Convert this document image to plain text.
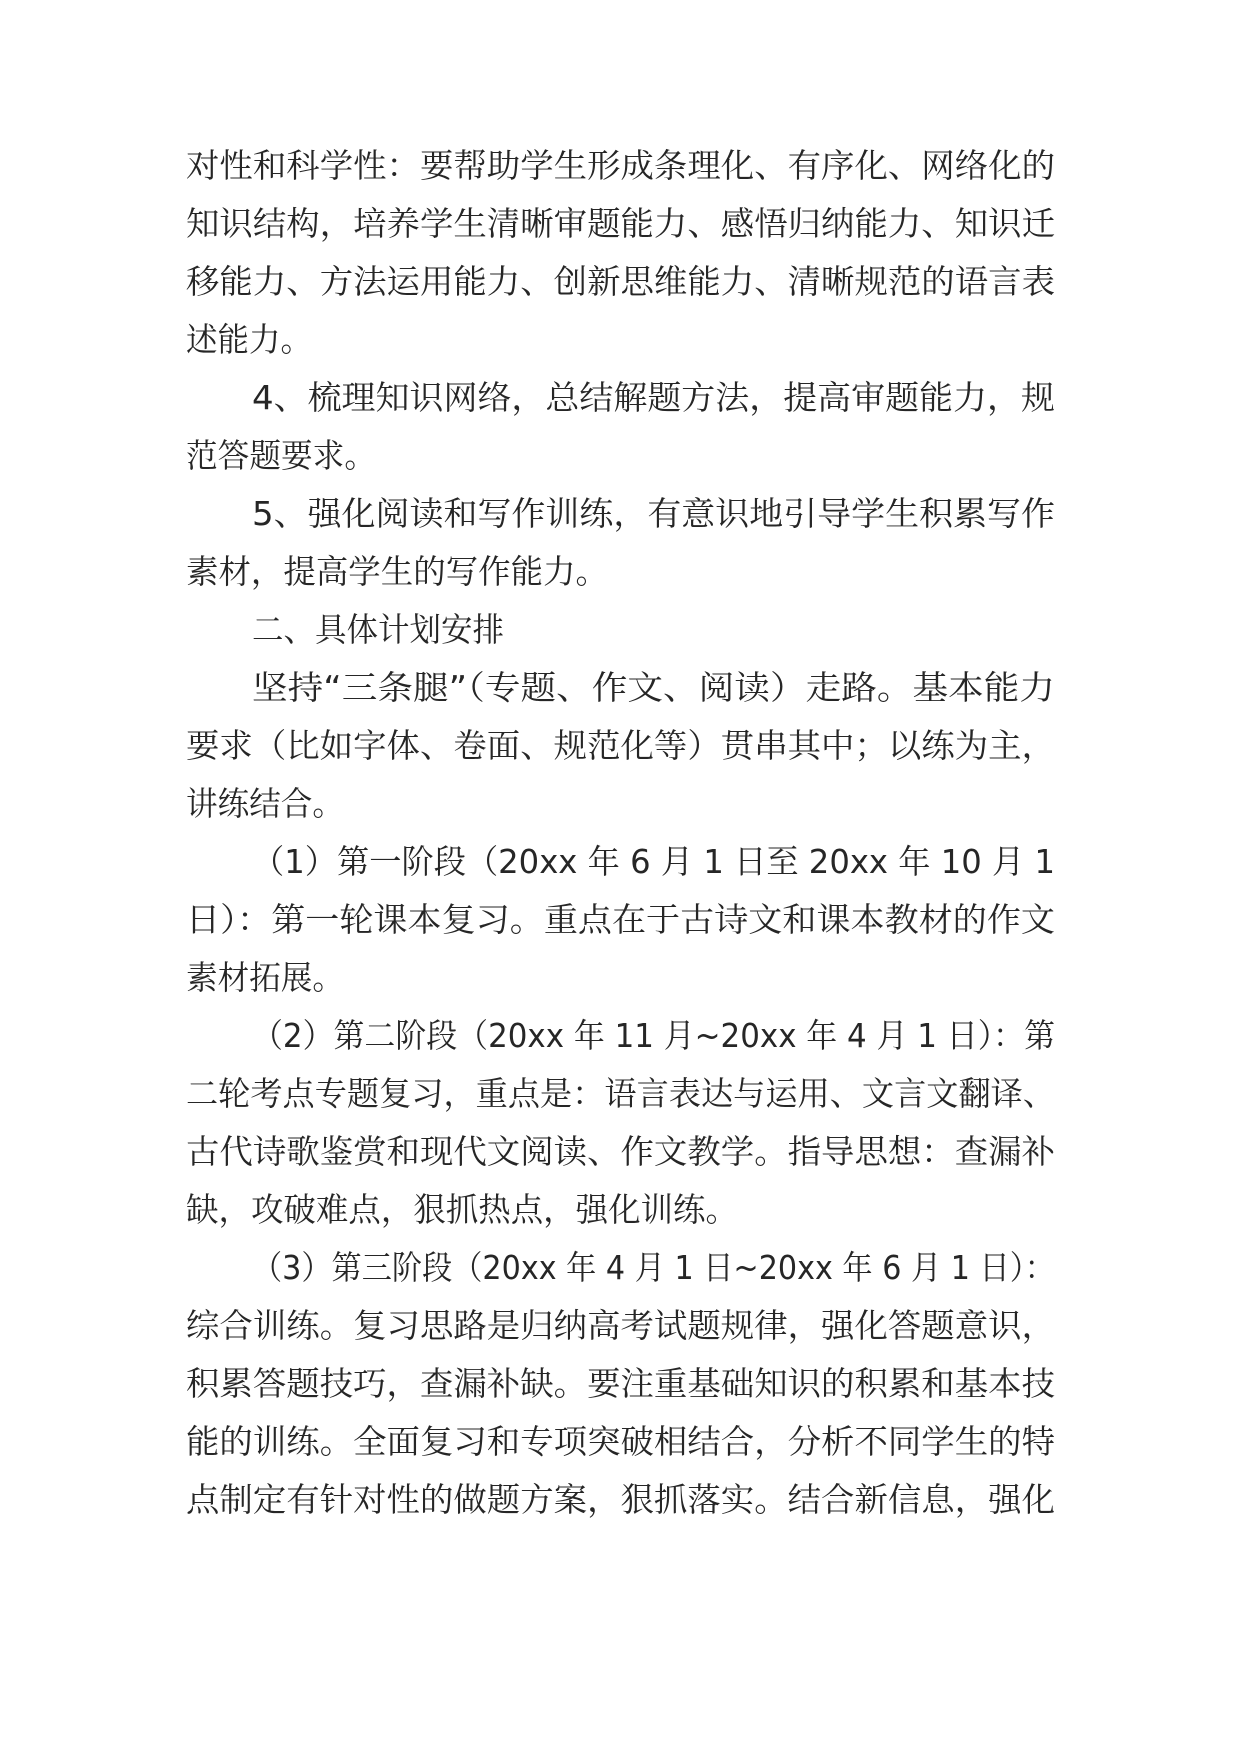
对性和科学性：要帮助学生形成条理化、有序化、网络化的
知识结构，培养学生清晰审题能力、感悟归纳能力、知识迁
移能力、方法运用能力、创新思维能力、清晰规范的语言表
述能力。
4、梳理知识网络，总结解题方法，提高审题能力，规
范答题要求。
5、强化阅读和写作训练，有意识地引导学生积累写作
素材，提高学生的写作能力。
二、具体计划安排
坚持“三条腿”（专题、作文、阅读）走路。基本能力
要求（比如字体、卷面、规范化等）贯串其中；以练为主，
讲练结合。
（1）第一阶段（20xx 年 6 月 1 日至 20xx 年 10 月 1
日）：第一轮课本复习。重点在于古诗文和课本教材的作文
素材拓展。
（2）第二阶段（20xx 年 11 月~20xx 年 4 月 1 日）：第
二轮考点专题复习，重点是：语言表达与运用、文言文翻译、
古代诗歌鉴赏和现代文阅读、作文教学。指导思想：查漏补
缺，攻破难点，狠抓热点，强化训练。
（3）第三阶段（20xx 年 4 月 1 日~20xx 年 6 月 1 日）：
综合训练。复习思路是归纳高考试题规律，强化答题意识，
积累答题技巧，查漏补缺。要注重基础知识的积累和基本技
能的训练。全面复习和专项突破相结合，分析不同学生的特
点制定有针对性的做题方案，狠抓落实。结合新信息，强化
